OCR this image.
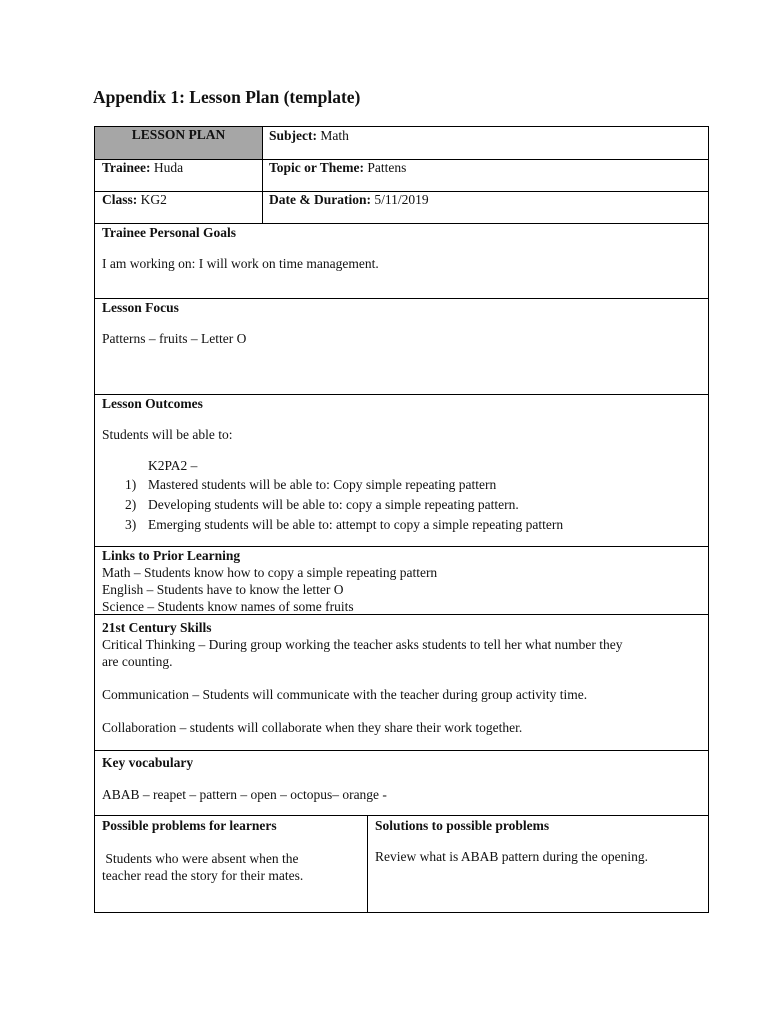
Appendix 1: Lesson Plan (template)
LESSON PLAN	Subject: Math
Trainee: Huda	Topic or Theme: Pattens
Class: KG2	Date & Duration: 5/11/2019
Trainee Personal Goals
I am working on: I will work on time management.
Lesson Focus
Patterns – fruits – Letter O
Lesson Outcomes
Students will be able to:
K2PA2 –
1) Mastered students will be able to: Copy simple repeating pattern
2) Developing students will be able to: copy a simple repeating pattern.
3) Emerging students will be able to: attempt to copy a simple repeating pattern
Links to Prior Learning
Math – Students know how to copy a simple repeating pattern
English – Students have to know the letter O
Science – Students know names of some fruits
21st Century Skills
Critical Thinking – During group working the teacher asks students to tell her what number they
are counting.
Communication – Students will communicate with the teacher during group activity time.
Collaboration – students will collaborate when they share their work together.
Key vocabulary
ABAB – reapet – pattern – open – octopus– orange -
Possible problems for learners
Students who were absent when the
teacher read the story for their mates.
Solutions to possible problems
Review what is ABAB pattern during the opening.
